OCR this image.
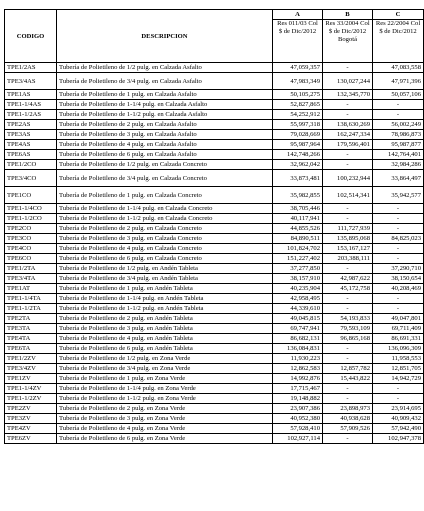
CODIGO	DESCRIPCION	A	B	C
		Res 011/03 Col $ de Dic/2012	Res 33/2004 Col $ de Dic/2012 Bogotá	Res 22/2004 Col $ de Dic/2012
TPE1/2AS	Tubería de Polietileno de 1/2 pulg. en Calzada Asfalto	47,059,357	-	47,083,558
TPE3/4AS	Tubería de Polietileno de 3/4 pulg. en Calzada Asfalto	47,983,349	130,027,244	47,971,396
TPE1AS	Tubería de Polietileno de 1 pulg. en Calzada Asfalto	50,105,275	132,345,770	50,057,106
TPE1-1/4AS	Tubería de Polietileno de 1-1/4 pulg. en Calzada Asfalto	52,827,865	-	-
TPE1-1/2AS	Tubería de Polietileno de 1-1/2 pulg. en Calzada Asfalto	54,252,912	-	-
TPE2AS	Tubería de Polietileno de 2 pulg. en Calzada Asfalto	55,997,318	138,630,269	56,002,249
TPE3AS	Tubería de Polietileno de 3 pulg. en Calzada Asfalto	79,028,669	162,247,334	78,986,873
TPE4AS	Tubería de Polietileno de 4 pulg. en Calzada Asfalto	95,987,964	179,596,401	95,987,877
TPE6AS	Tubería de Polietileno de 6 pulg. en Calzada Asfalto	142,748,266	-	142,764,401
TPE1/2CO	Tubería de Polietileno de 1/2 pulg. en Calzada Concreto	32,962,042	-	32,984,286
TPE3/4CO	Tubería de Polietileno de 3/4 pulg. en Calzada Concreto	33,873,481	100,232,944	33,864,497
TPE1CO	Tubería de Polietileno de 1 pulg. en Calzada Concreto	35,982,855	102,514,341	35,942,577
TPE1-1/4CO	Tubería de Polietileno de 1-1/4 pulg. en Calzada Concreto	38,705,446	-	-
TPE1-1/2CO	Tubería de Polietileno de 1-1/2 pulg. en Calzada Concreto	40,117,941	-	-
TPE2CO	Tubería de Polietileno de 2 pulg. en Calzada Concreto	44,855,526	111,727,939	-
TPE3CO	Tubería de Polietileno de 3 pulg. en Calzada Concreto	84,890,511	135,895,068	84,825,023
TPE4CO	Tubería de Polietileno de 4 pulg. en Calzada Concreto	101,824,702	153,167,127	-
TPE6CO	Tubería de Polietileno de 6 pulg. en Calzada Concreto	151,227,402	203,388,111	-
TPE1/2TA	Tubería de Polietileno de 1/2 pulg. en Andén Tableta	37,277,850	-	37,290,710
TPE3/4TA	Tubería de Polietileno de 3/4 pulg. en Andén Tableta	38,157,910	42,987,622	38,150,654
TPE1AT	Tubería de Polietileno de 1 pulg. en Andén Tableta	40,235,904	45,172,758	40,208,469
TPE1-1/4TA	Tubería de Polietileno de 1-1/4 pulg. en Andén Tableta	42,958,495	-	-
TPE1-1/2TA	Tubería de Polietileno de 1-1/2 pulg. en Andén Tableta	44,339,610	-	-
TPE2TA	Tubería de Polietileno de 2 pulg. en Andén Tableta	49,045,815	54,193,833	49,047,801
TPE3TA	Tubería de Polietileno de 3 pulg. en Andén Tableta	69,747,941	79,593,109	69,711,409
TPE4TA	Tubería de Polietileno de 4 pulg. en Andén Tableta	86,682,131	96,865,168	86,691,331
TPE6TA	Tubería de Polietileno de 6 pulg. en Andén Tableta	136,084,831	-	136,096,309
TPE1/2ZV	Tubería de Polietileno de 1/2 pulg. en Zona Verde	11,930,223	-	11,958,553
TPE3/4ZV	Tubería de Polietileno de 3/4 pulg. en Zona Verde	12,862,583	12,857,782	12,851,705
TPE1ZV	Tubería de Polietileno de 1 pulg. en Zona Verde	14,992,876	15,443,822	14,942,729
TPE1-1/4ZV	Tubería de Polietileno de 1-1/4 pulg. en Zona Verde	17,715,467	-	-
TPE1-1/2ZV	Tubería de Polietileno de 1-1/2 pulg. en Zona Verde	19,148,882	-	-
TPE2ZV	Tubería de Polietileno de 2 pulg. en Zona Verde	23,907,386	23,898,973	23,914,695
TPE3ZV	Tubería de Polietileno de 3 pulg. en Zona Verde	40,952,380	40,938,628	40,909,432
TPE4ZV	Tubería de Polietileno de 4 pulg. en Zona Verde	57,928,410	57,909,526	57,942,490
TPE6ZV	Tubería de Polietileno de 6 pulg. en Zona Verde	102,927,114	-	102,947,378
